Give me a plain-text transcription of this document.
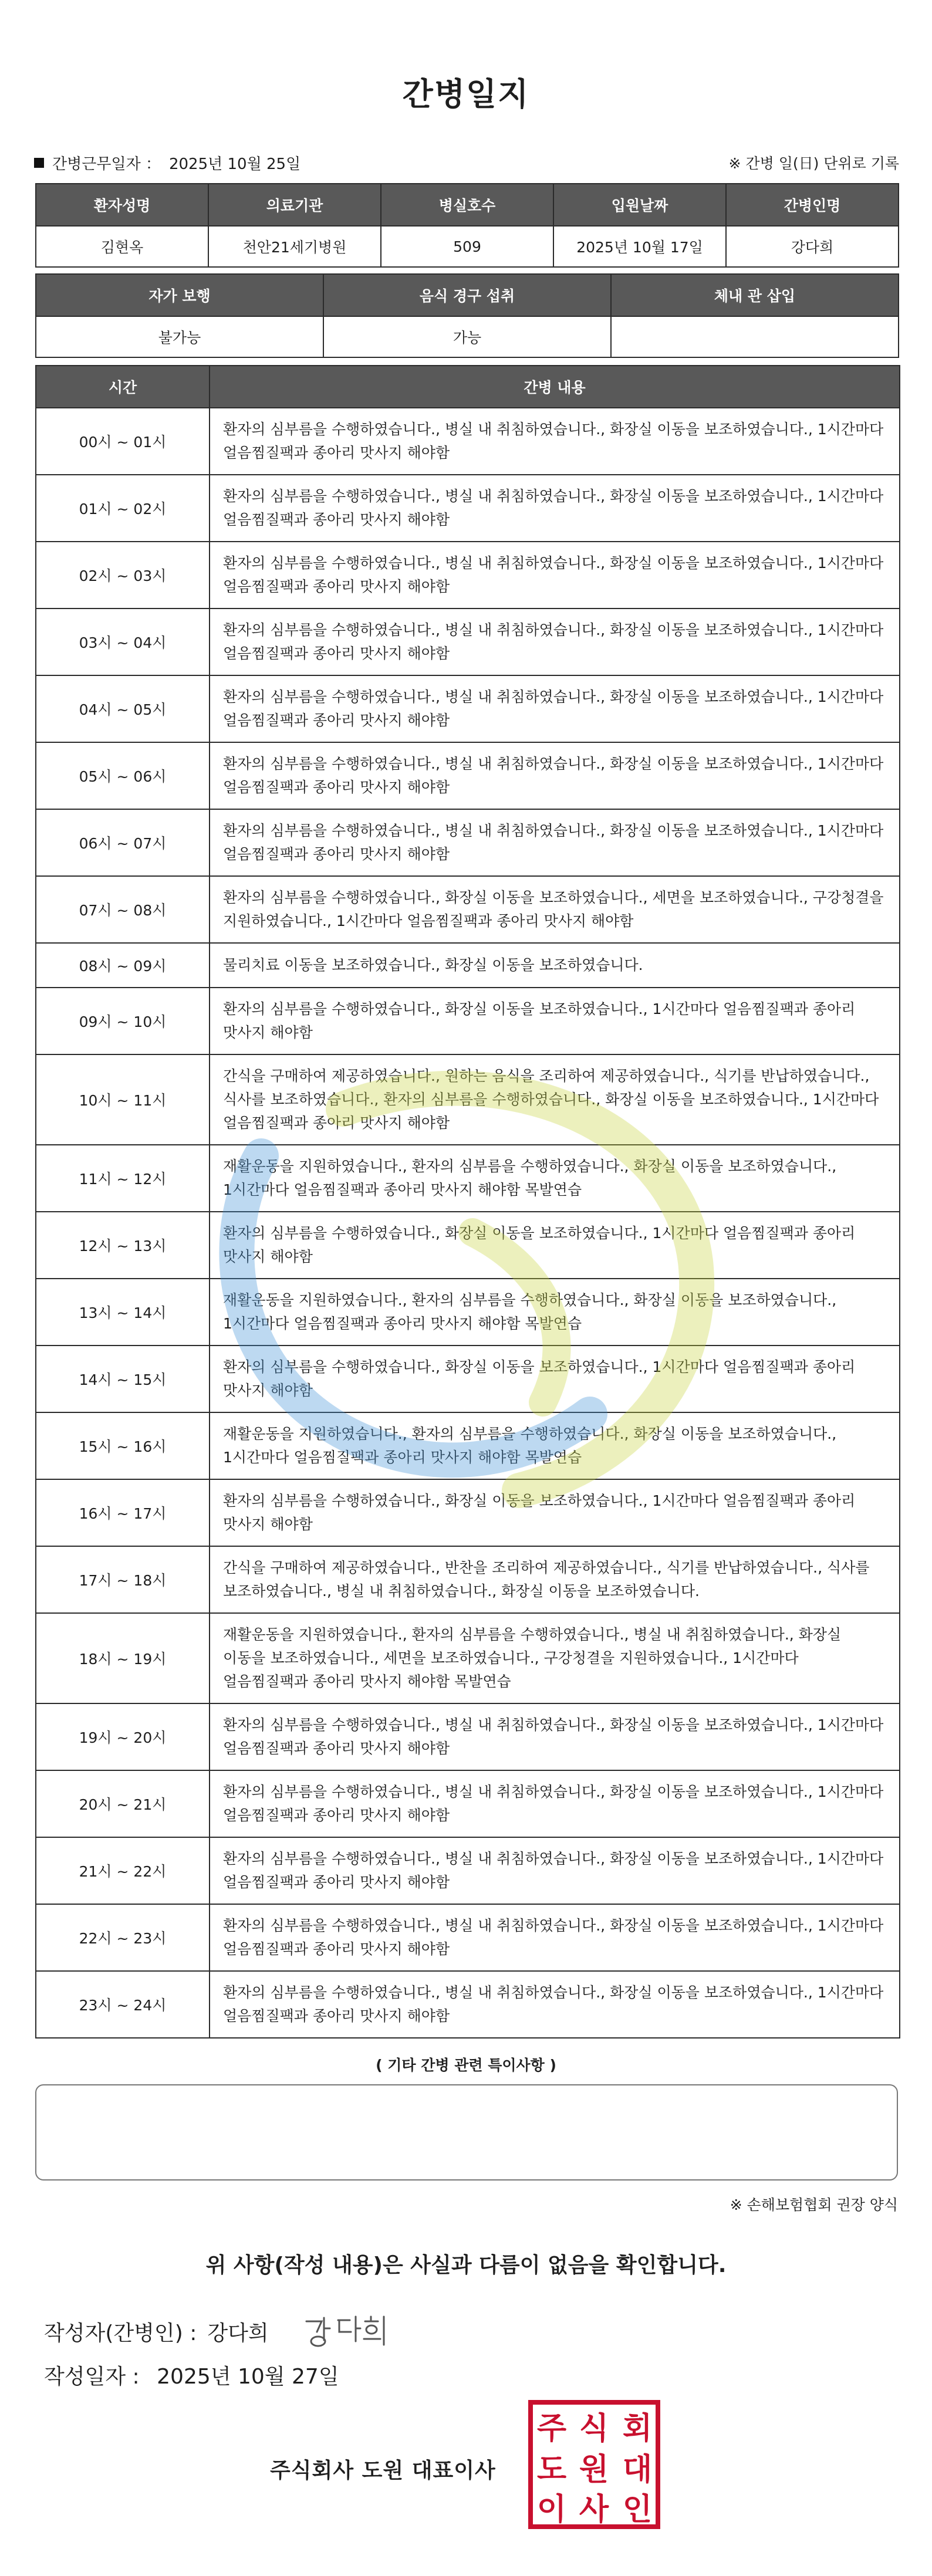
간병일지
간병근무일자 ： 2025년 10월 25일	※ 간병 일(日) 단위로 기록
환자성명	의료기관	병실호수	입원날짜	간병인명
김현옥	천안21세기병원	509	2025년 10월 17일	강다희
자가 보행	음식 경구 섭취	체내 관 삽입
불가능	가능	
시간	간병 내용
00시 ~ 01시	환자의 심부름을 수행하였습니다., 병실 내 취침하였습니다., 화장실 이동을 보조하였습니다., 1시간마다 얼음찜질팩과 종아리 맛사지 해야함
01시 ~ 02시	환자의 심부름을 수행하였습니다., 병실 내 취침하였습니다., 화장실 이동을 보조하였습니다., 1시간마다 얼음찜질팩과 종아리 맛사지 해야함
02시 ~ 03시	환자의 심부름을 수행하였습니다., 병실 내 취침하였습니다., 화장실 이동을 보조하였습니다., 1시간마다 얼음찜질팩과 종아리 맛사지 해야함
03시 ~ 04시	환자의 심부름을 수행하였습니다., 병실 내 취침하였습니다., 화장실 이동을 보조하였습니다., 1시간마다 얼음찜질팩과 종아리 맛사지 해야함
04시 ~ 05시	환자의 심부름을 수행하였습니다., 병실 내 취침하였습니다., 화장실 이동을 보조하였습니다., 1시간마다 얼음찜질팩과 종아리 맛사지 해야함
05시 ~ 06시	환자의 심부름을 수행하였습니다., 병실 내 취침하였습니다., 화장실 이동을 보조하였습니다., 1시간마다 얼음찜질팩과 종아리 맛사지 해야함
06시 ~ 07시	환자의 심부름을 수행하였습니다., 병실 내 취침하였습니다., 화장실 이동을 보조하였습니다., 1시간마다 얼음찜질팩과 종아리 맛사지 해야함
07시 ~ 08시	환자의 심부름을 수행하였습니다., 화장실 이동을 보조하였습니다., 세면을 보조하였습니다., 구강청결을 지원하였습니다., 1시간마다 얼음찜질팩과 종아리 맛사지 해야함
08시 ~ 09시	물리치료 이동을 보조하였습니다., 화장실 이동을 보조하였습니다.
09시 ~ 10시	환자의 심부름을 수행하였습니다., 화장실 이동을 보조하였습니다., 1시간마다 얼음찜질팩과 종아리 맛사지 해야함
10시 ~ 11시	간식을 구매하여 제공하였습니다., 원하는 음식을 조리하여 제공하였습니다., 식기를 반납하였습니다., 식사를 보조하였습니다., 환자의 심부름을 수행하였습니다., 화장실 이동을 보조하였습니다., 1시간마다 얼음찜질팩과 종아리 맛사지 해야함
11시 ~ 12시	재활운동을 지원하였습니다., 환자의 심부름을 수행하였습니다., 화장실 이동을 보조하였습니다., 1시간마다 얼음찜질팩과 종아리 맛사지 해야함 목발연습
12시 ~ 13시	환자의 심부름을 수행하였습니다., 화장실 이동을 보조하였습니다., 1시간마다 얼음찜질팩과 종아리 맛사지 해야함
13시 ~ 14시	재활운동을 지원하였습니다., 환자의 심부름을 수행하였습니다., 화장실 이동을 보조하였습니다., 1시간마다 얼음찜질팩과 종아리 맛사지 해야함 목발연습
14시 ~ 15시	환자의 심부름을 수행하였습니다., 화장실 이동을 보조하였습니다., 1시간마다 얼음찜질팩과 종아리 맛사지 해야함
15시 ~ 16시	재활운동을 지원하였습니다., 환자의 심부름을 수행하였습니다., 화장실 이동을 보조하였습니다., 1시간마다 얼음찜질팩과 종아리 맛사지 해야함 목발연습
16시 ~ 17시	환자의 심부름을 수행하였습니다., 화장실 이동을 보조하였습니다., 1시간마다 얼음찜질팩과 종아리 맛사지 해야함
17시 ~ 18시	간식을 구매하여 제공하였습니다., 반찬을 조리하여 제공하였습니다., 식기를 반납하였습니다., 식사를 보조하였습니다., 병실 내 취침하였습니다., 화장실 이동을 보조하였습니다.
18시 ~ 19시	재활운동을 지원하였습니다., 환자의 심부름을 수행하였습니다., 병실 내 취침하였습니다., 화장실 이동을 보조하였습니다., 세면을 보조하였습니다., 구강청결을 지원하였습니다., 1시간마다 얼음찜질팩과 종아리 맛사지 해야함 목발연습
19시 ~ 20시	환자의 심부름을 수행하였습니다., 병실 내 취침하였습니다., 화장실 이동을 보조하였습니다., 1시간마다 얼음찜질팩과 종아리 맛사지 해야함
20시 ~ 21시	환자의 심부름을 수행하였습니다., 병실 내 취침하였습니다., 화장실 이동을 보조하였습니다., 1시간마다 얼음찜질팩과 종아리 맛사지 해야함
21시 ~ 22시	환자의 심부름을 수행하였습니다., 병실 내 취침하였습니다., 화장실 이동을 보조하였습니다., 1시간마다 얼음찜질팩과 종아리 맛사지 해야함
22시 ~ 23시	환자의 심부름을 수행하였습니다., 병실 내 취침하였습니다., 화장실 이동을 보조하였습니다., 1시간마다 얼음찜질팩과 종아리 맛사지 해야함
23시 ~ 24시	환자의 심부름을 수행하였습니다., 병실 내 취침하였습니다., 화장실 이동을 보조하였습니다., 1시간마다 얼음찜질팩과 종아리 맛사지 해야함
( 기타 간병 관련 특이사항 )
※ 손해보험협회 권장 양식
위 사항(작성 내용)은 사실과 다름이 없음을 확인합니다.
작성자(간병인) : 강다희
작성일자 : 2025년 10월 27일
주식회사 도원 대표이사
주 식 회
도 원 대
이 사 인
